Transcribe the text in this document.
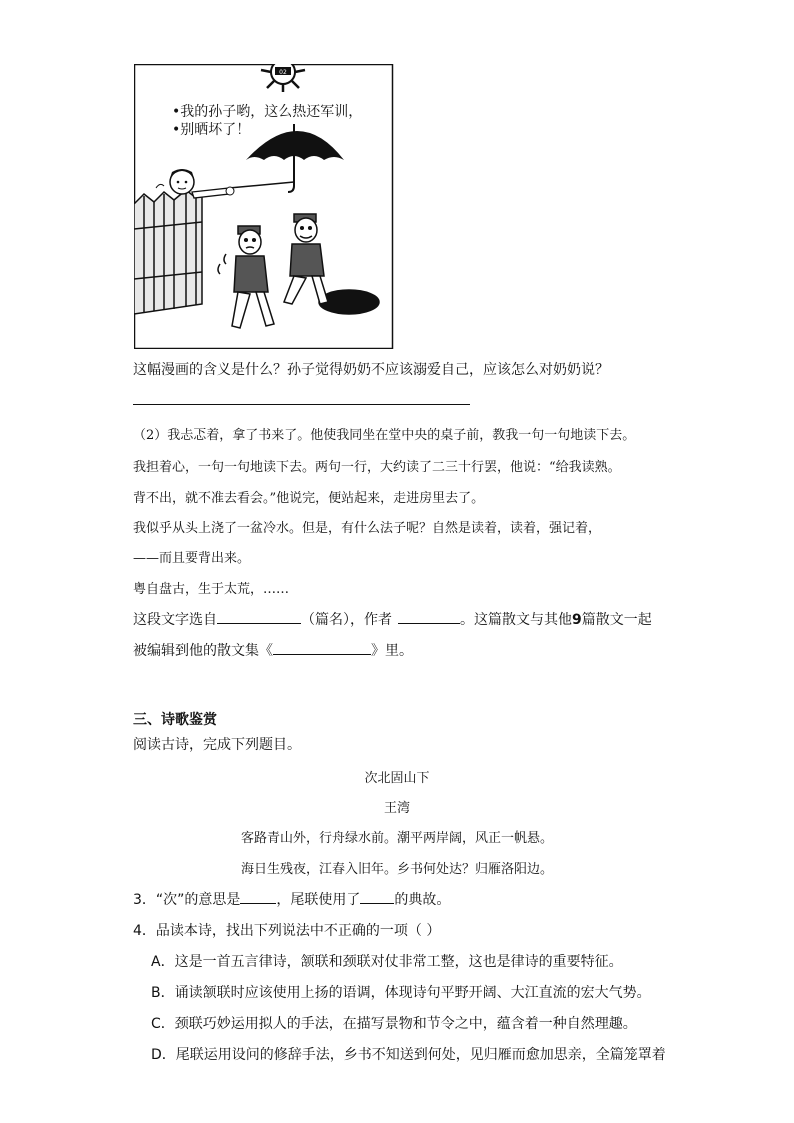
02
•我的孙子哟，这么热还军训，
•别晒坏了！
这幅漫画的含义是什么？孙子觉得奶奶不应该溺爱自己，应该怎么对奶奶说？
（2）我忐忑着，拿了书来了。他使我同坐在堂中央的桌子前，教我一句一句地读下去。
我担着心，一句一句地读下去。两句一行，大约读了二三十行罢，他说：“给我读熟。
背不出，就不准去看会。”他说完，便站起来，走进房里去了。
我似乎从头上浇了一盆冷水。但是，有什么法子呢？自然是读着，读着，强记着，
——而且要背出来。
粤自盘古，生于太荒，……
这段文字选自	（篇名），作者	。这篇散文与其他9篇散文一起
被编辑到他的散文集《	》里。
三、诗歌鉴赏
阅读古诗，完成下列题目。
次北固山下
王湾
客路青山外，行舟绿水前。潮平两岸阔，风正一帆悬。
海日生残夜，江春入旧年。乡书何处达？归雁洛阳边。
3．“次”的意思是	，尾联使用了 的典故。
4．品读本诗，找出下列说法中不正确的一项（ ）
A．这是一首五言律诗，颔联和颈联对仗非常工整，这也是律诗的重要特征。
B．诵读颔联时应该使用上扬的语调，体现诗句平野开阔、大江直流的宏大气势。
C．颈联巧妙运用拟人的手法，在描写景物和节令之中，蕴含着一种自然理趣。
D．尾联运用设问的修辞手法，乡书不知送到何处，见归雁而愈加思亲，全篇笼罩着
